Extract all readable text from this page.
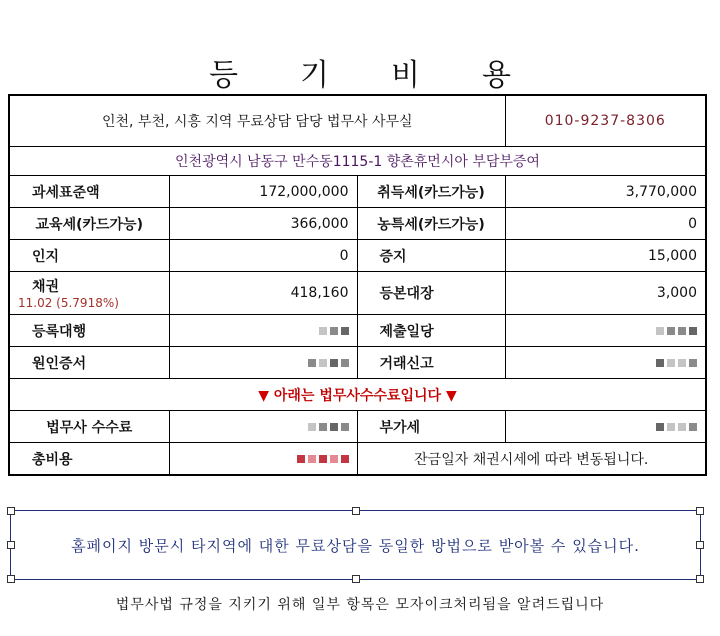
등기비용
인천, 부천, 시흥 지역 무료상담 담당 법무사 사무실			010-9237-8306
인천광역시 남동구 만수동1115-1 향촌휴먼시아 부담부증여			
과세표준액	172,000,000	취득세(카드가능)	3,770,000
교육세(카드가능)	366,000	농특세(카드가능)	0
인지	0	증지	15,000

채권
11.02 (5.7918%)	418,160	등본대장	3,000
등록대행		제출일당	

원인증서		거래신고	

▼ 아래는 법무사수수료입니다 ▼			
법무사 수수료		부가세	

총비용		잔금일자 채권시세에 따라 변동됩니다.	
홈페이지 방문시 타지역에 대한 무료상담을 동일한 방법으로 받아볼 수 있습니다.
법무사법 규정을 지키기 위해 일부 항목은 모자이크처리됨을 알려드립니다
